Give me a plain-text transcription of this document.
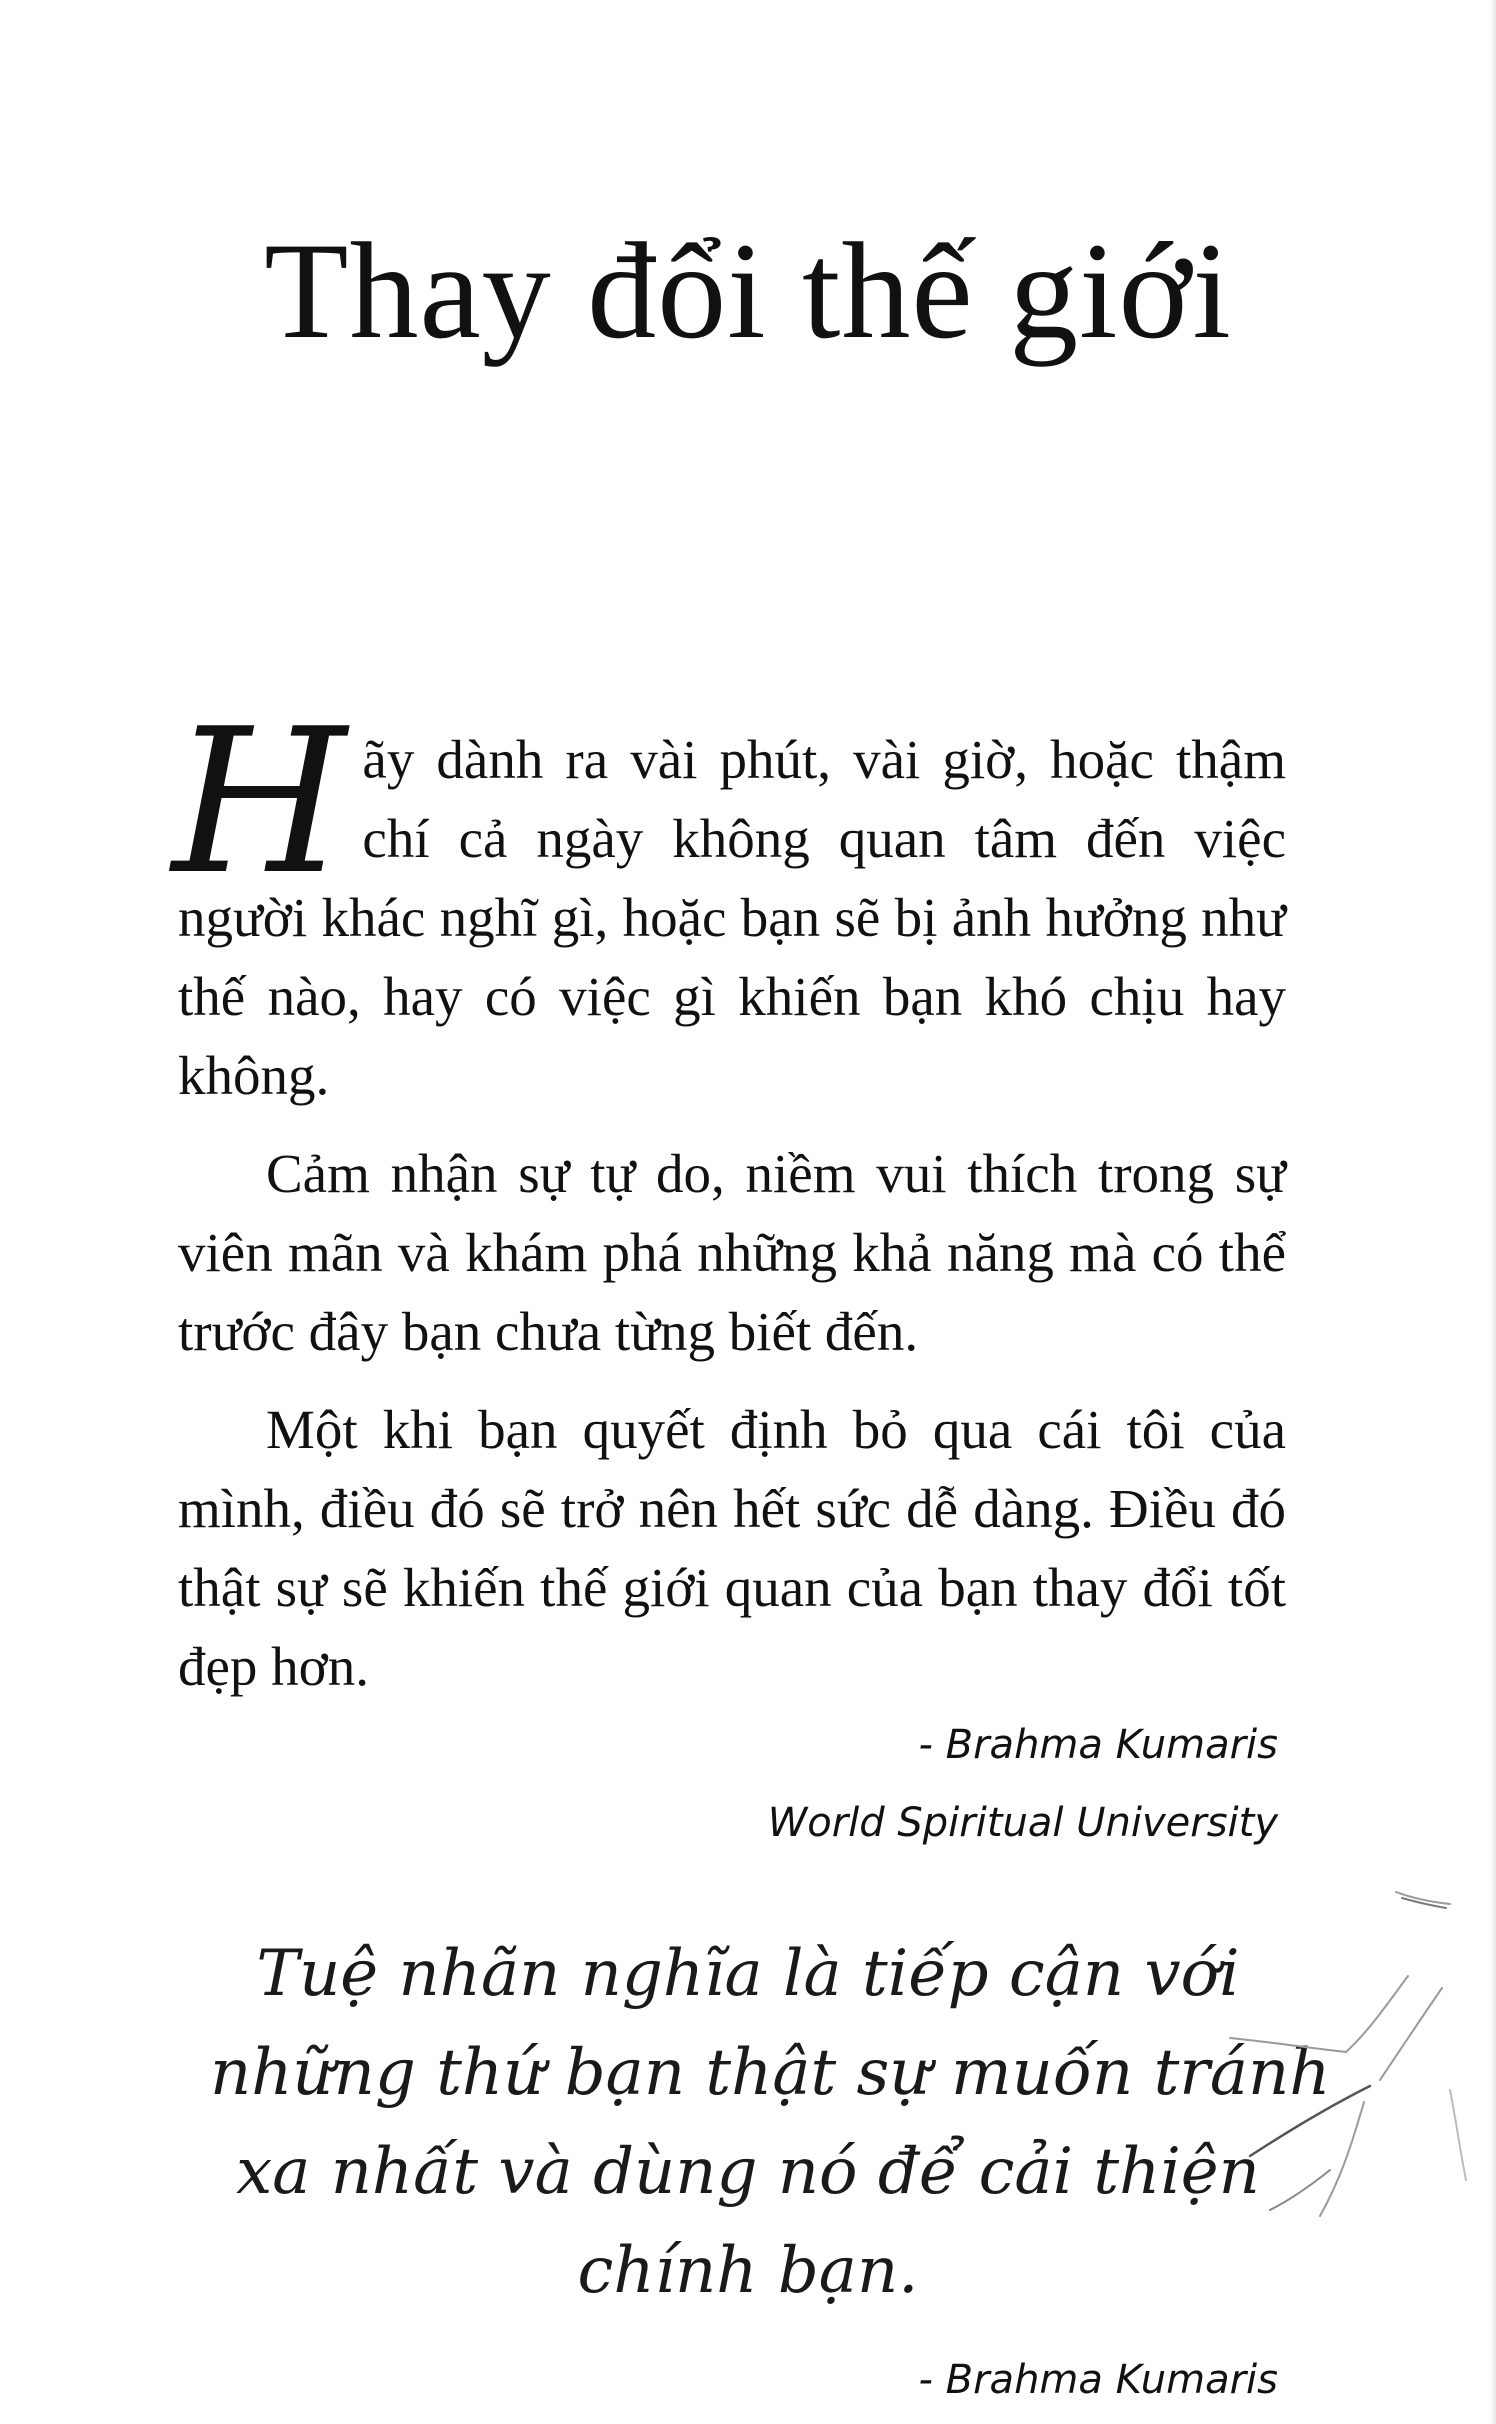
Thay đổi thế giới

Hãy dành ra vài phút, vài giờ, hoặc thậm chí cả ngày không quan tâm đến việc người khác nghĩ gì, hoặc bạn sẽ bị ảnh hưởng như thế nào, hay có việc gì khiến bạn khó chịu hay không.

Cảm nhận sự tự do, niềm vui thích trong sự viên mãn và khám phá những khả năng mà có thể trước đây bạn chưa từng biết đến.

Một khi bạn quyết định bỏ qua cái tôi của mình, điều đó sẽ trở nên hết sức dễ dàng. Điều đó thật sự sẽ khiến thế giới quan của bạn thay đổi tốt đẹp hơn.

- Brahma Kumaris
World Spiritual University
Tuệ nhãn nghĩa là tiếp cận với
những thứ bạn thật sự muốn tránh
xa nhất và dùng nó để cải thiện
chính bạn.
- Brahma Kumaris
